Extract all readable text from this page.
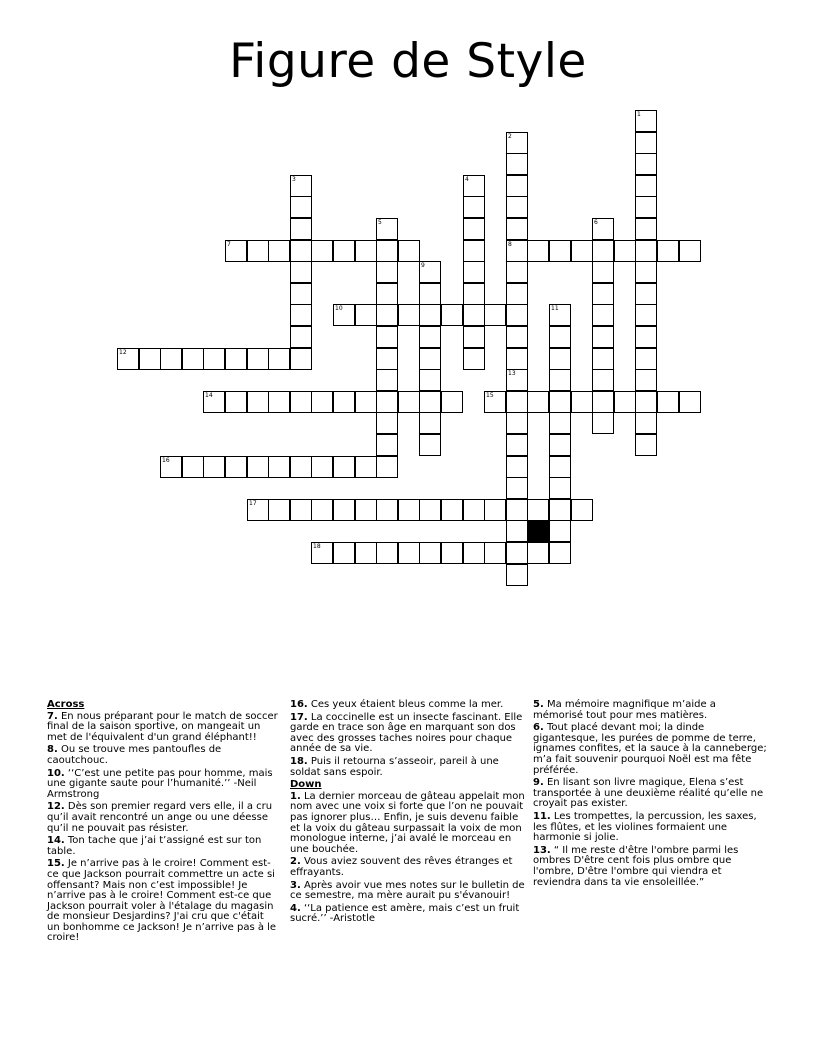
Figure de Style
1
2
8
13
3	4
5	6
7
9
10	11
12
14	15
16
17
18
Across
7. En nous préparant pour le match de soccer final de la saison sportive, on mangeait un met de l'équivalent d'un grand éléphant!!
8. Ou se trouve mes pantoufles de caoutchouc.
10. ‘‘C’est une petite pas pour homme, mais une gigante saute pour l’humanité.’’ -Neil Armstrong
12. Dès son premier regard vers elle, il a cru qu’il avait rencontré un ange ou une déesse qu’il ne pouvait pas résister.
14. Ton tache que j’ai t’assigné est sur ton table.
15. Je n’arrive pas à le croire! Comment est-ce que Jackson pourrait commettre un acte si offensant? Mais non c’est impossible! Je n’arrive pas à le croire! Comment est-ce que Jackson pourrait voler à l'étalage du magasin de monsieur Desjardins? J'ai cru que c'était un bonhomme ce Jackson! Je n’arrive pas à le croire!
16. Ces yeux étaient bleus comme la mer.
17. La coccinelle est un insecte fascinant. Elle garde en trace son âge en marquant son dos avec des grosses taches noires pour chaque année de sa vie.
18. Puis il retourna s’asseoir, pareil à une soldat sans espoir.
Down
1. La dernier morceau de gâteau appelait mon nom avec une voix si forte que l’on ne pouvait pas ignorer plus… Enfin, je suis devenu faible et la voix du gâteau surpassait la voix de mon monologue interne, j’ai avalé le morceau en une bouchée.
2. Vous aviez souvent des rêves étranges et effrayants.
3. Après avoir vue mes notes sur le bulletin de ce semestre, ma mère aurait pu s'évanouir!
4. ‘‘La patience est amère, mais c’est un fruit sucré.’’ -Aristotle
5. Ma mémoire magnifique m’aide a mémorisé tout pour mes matières.
6. Tout placé devant moi; la dinde gigantesque, les purées de pomme de terre, ignames confites, et la sauce à la canneberge; m’a fait souvenir pourquoi Noël est ma fête préférée.
9. En lisant son livre magique, Elena s’est transportée à une deuxième réalité qu’elle ne croyait pas exister.
11. Les trompettes, la percussion, les saxes, les flûtes, et les violines formaient une harmonie si jolie.
13. “ Il me reste d'être l'ombre parmi les ombres D'être cent fois plus ombre que l'ombre, D'être l'ombre qui viendra et reviendra dans ta vie ensoleillée.”
